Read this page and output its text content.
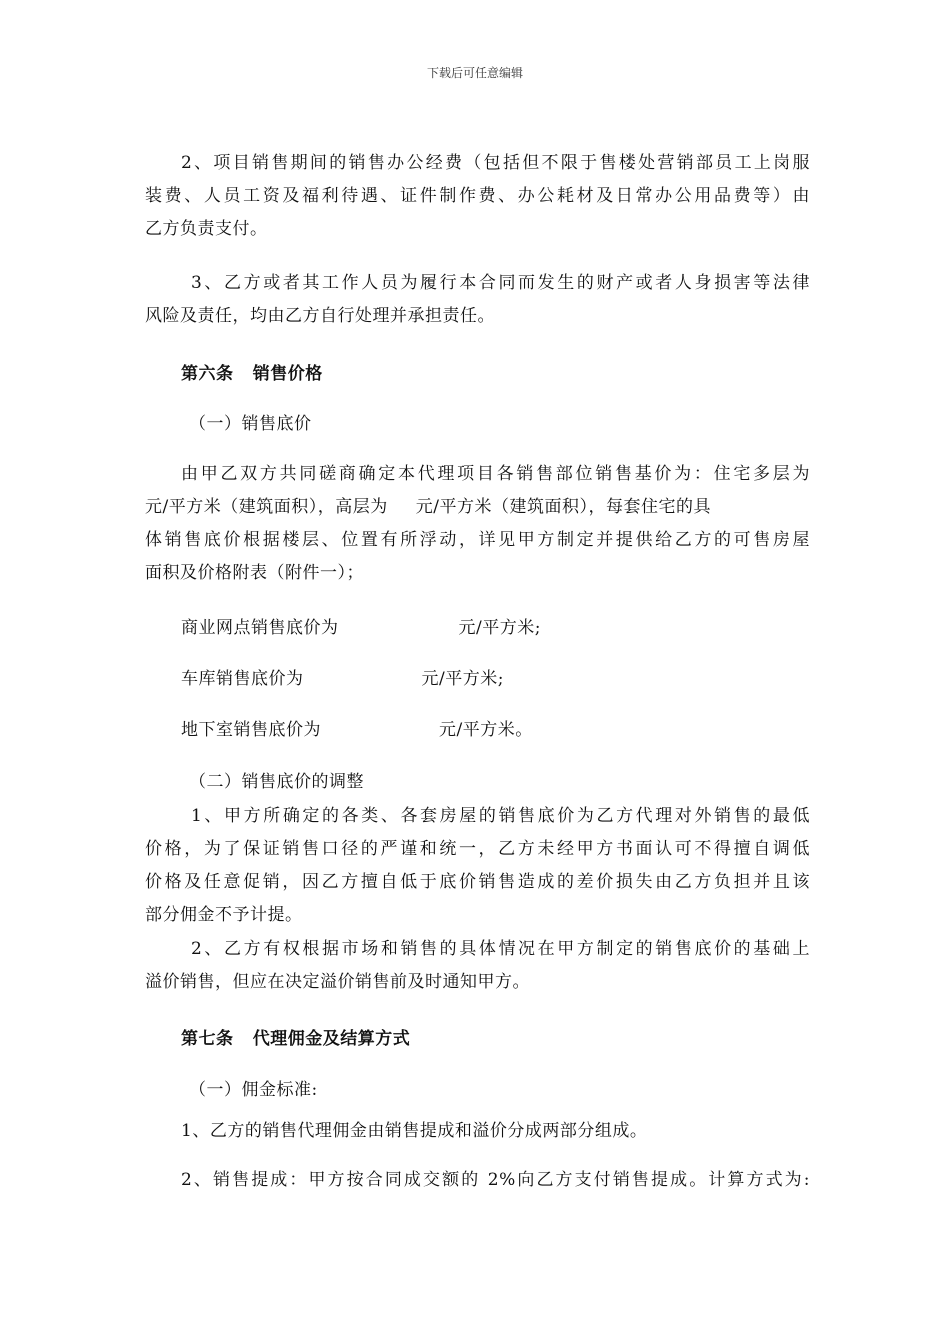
下载后可任意编辑
2、项目销售期间的销售办公经费（包括但不限于售楼处营销部员工上岗服
装费、人员工资及福利待遇、证件制作费、办公耗材及日常办公用品费等）由
乙方负责支付。
3、乙方或者其工作人员为履行本合同而发生的财产或者人身损害等法律
风险及责任，均由乙方自行处理并承担责任。
第六条   销售价格
（一）销售底价
由甲乙双方共同磋商确定本代理项目各销售部位销售基价为：住宅多层为
元/平方米（建筑面积），高层为 元/平方米（建筑面积），每套住宅的具
体销售底价根据楼层、位置有所浮动，详见甲方制定并提供给乙方的可售房屋
面积及价格附表（附件一）；
商业网点销售底价为	元/平方米;
车库销售底价为	元/平方米;
地下室销售底价为	元/平方米。
（二）销售底价的调整
1、甲方所确定的各类、各套房屋的销售底价为乙方代理对外销售的最低
价格，为了保证销售口径的严谨和统一，乙方未经甲方书面认可不得擅自调低
价格及任意促销，因乙方擅自低于底价销售造成的差价损失由乙方负担并且该
部分佣金不予计提。
2、乙方有权根据市场和销售的具体情况在甲方制定的销售底价的基础上
溢价销售，但应在决定溢价销售前及时通知甲方。
第七条   代理佣金及结算方式
（一）佣金标准:
1、乙方的销售代理佣金由销售提成和溢价分成两部分组成。
2、销售提成：甲方按合同成交额的 2%向乙方支付销售提成。计算方式为:
